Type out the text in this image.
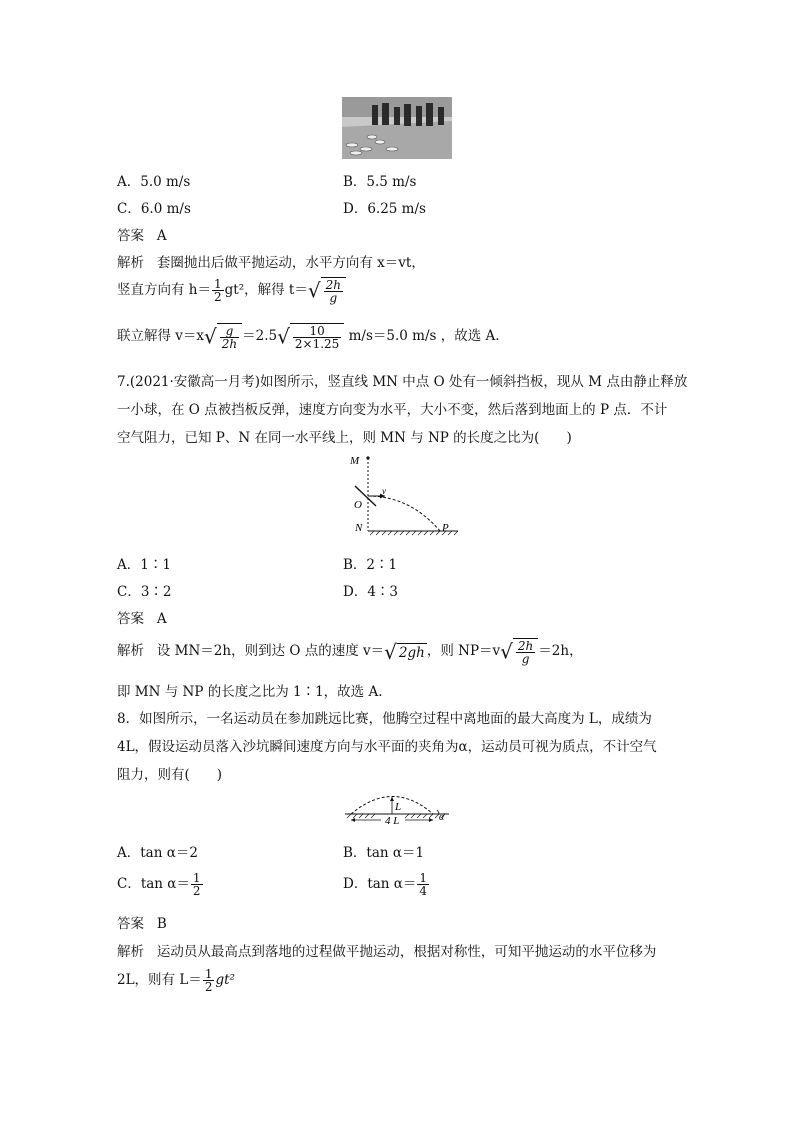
A．5.0 m/s	B．5.5 m/s
C．6.0 m/s	D．6.25 m/s
答案 A
解析 套圈抛出后做平抛运动，水平方向有 x＝vt，
竖直方向有 $h= \frac{1}{2} gt^2$，解得 $t=√ \frac{2h}{g}$
联立解得 $v=x√ \frac{g}{2h} =2.5√ \frac{10}{2\times 1.25} m/s=5.0$ m/s ，故选 A.
7.(2021·安徽高一月考)如图所示，竖直线 MN 中点 O 处有一倾斜挡板，现从 M 点由静止释放
一小球，在 O 点被挡板反弹，速度方向变为水平，大小不变，然后落到地面上的 P 点．不计
空气阻力，已知 P、N 在同一水平线上，则 MN 与 NP 的长度之比为(　　)
M
O
N	P
v
A．1∶1	B．2∶1
C．3∶2	D．4∶3
答案 A
解析 设 MN＝2h，则到达 O 点的速度 v＝√ 2gh ，则 $NP=v√ \frac{2h}{g} =2h$，
即 MN 与 NP 的长度之比为 1∶1，故选 A.
8．如图所示，一名运动员在参加跳远比赛，他腾空过程中离地面的最大高度为 L，成绩为
4L，假设运动员落入沙坑瞬间速度方向与水平面的夹角为α，运动员可视为质点，不计空气
阻力，则有(　　)
L
4 L	α
A．tan α＝2	B．tan α＝1
C．$\tan \alpha= \frac{1}{2}$	D．$\tan \alpha= \frac{1}{4}$
答案 B
解析 运动员从最高点到落地的过程做平抛运动，根据对称性，可知平抛运动的水平位移为
2L，则有 $L= \frac{1}{2} gt^2$
